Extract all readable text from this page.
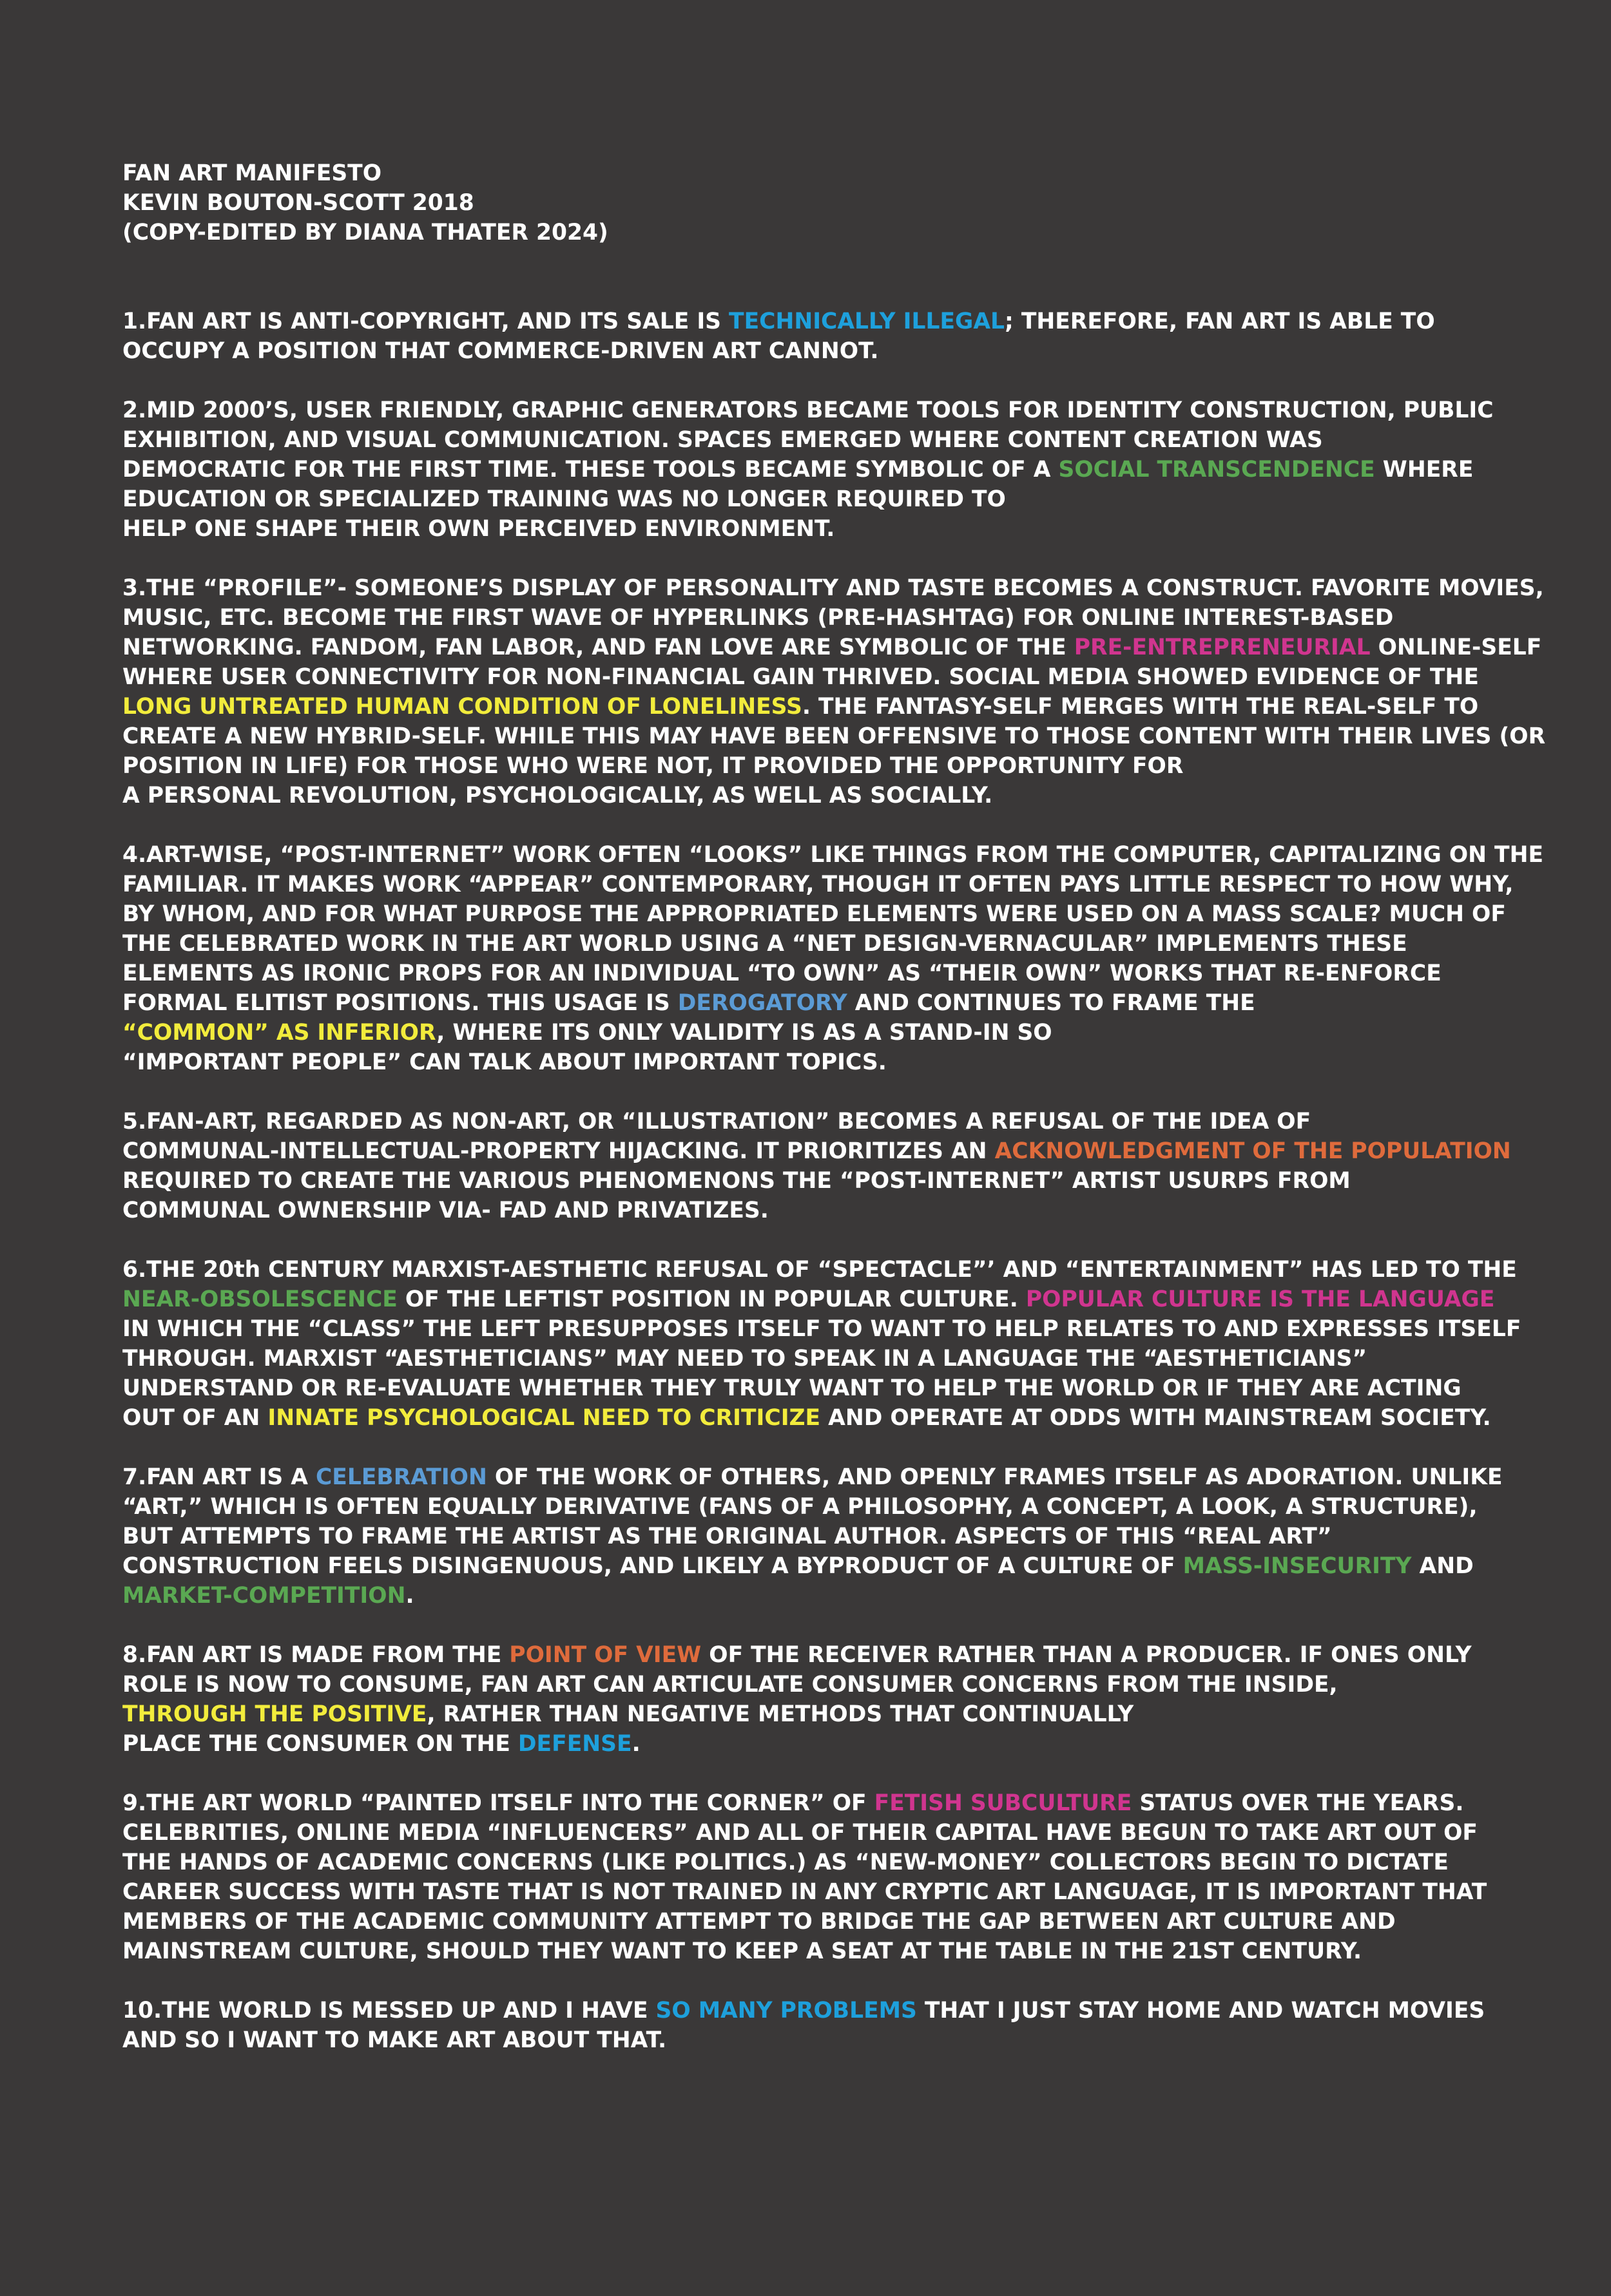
FAN ART MANIFESTO
KEVIN BOUTON-SCOTT 2018
(COPY-EDITED BY DIANA THATER 2024)
1.FAN ART IS ANTI-COPYRIGHT, AND ITS SALE IS TECHNICALLY ILLEGAL; THEREFORE, FAN ART IS ABLE TO
OCCUPY A POSITION THAT COMMERCE-DRIVEN ART CANNOT.
2.MID 2000’S, USER FRIENDLY, GRAPHIC GENERATORS BECAME TOOLS FOR IDENTITY CONSTRUCTION, PUBLIC
EXHIBITION, AND VISUAL COMMUNICATION. SPACES EMERGED WHERE CONTENT CREATION WAS
DEMOCRATIC FOR THE FIRST TIME. THESE TOOLS BECAME SYMBOLIC OF A SOCIAL TRANSCENDENCE WHERE
EDUCATION OR SPECIALIZED TRAINING WAS NO LONGER REQUIRED TO
HELP ONE SHAPE THEIR OWN PERCEIVED ENVIRONMENT.
3.THE “PROFILE”- SOMEONE’S DISPLAY OF PERSONALITY AND TASTE BECOMES A CONSTRUCT. FAVORITE MOVIES,
MUSIC, ETC. BECOME THE FIRST WAVE OF HYPERLINKS (PRE-HASHTAG) FOR ONLINE INTEREST-BASED
NETWORKING. FANDOM, FAN LABOR, AND FAN LOVE ARE SYMBOLIC OF THE PRE-ENTREPRENEURIAL ONLINE-SELF
WHERE USER CONNECTIVITY FOR NON-FINANCIAL GAIN THRIVED. SOCIAL MEDIA SHOWED EVIDENCE OF THE
LONG UNTREATED HUMAN CONDITION OF LONELINESS. THE FANTASY-SELF MERGES WITH THE REAL-SELF TO
CREATE A NEW HYBRID-SELF. WHILE THIS MAY HAVE BEEN OFFENSIVE TO THOSE CONTENT WITH THEIR LIVES (OR
POSITION IN LIFE) FOR THOSE WHO WERE NOT, IT PROVIDED THE OPPORTUNITY FOR
A PERSONAL REVOLUTION, PSYCHOLOGICALLY, AS WELL AS SOCIALLY.
4.ART-WISE, “POST-INTERNET” WORK OFTEN “LOOKS” LIKE THINGS FROM THE COMPUTER, CAPITALIZING ON THE
FAMILIAR. IT MAKES WORK “APPEAR” CONTEMPORARY, THOUGH IT OFTEN PAYS LITTLE RESPECT TO HOW WHY,
BY WHOM, AND FOR WHAT PURPOSE THE APPROPRIATED ELEMENTS WERE USED ON A MASS SCALE? MUCH OF
THE CELEBRATED WORK IN THE ART WORLD USING A “NET DESIGN-VERNACULAR” IMPLEMENTS THESE
ELEMENTS AS IRONIC PROPS FOR AN INDIVIDUAL “TO OWN” AS “THEIR OWN” WORKS THAT RE-ENFORCE
FORMAL ELITIST POSITIONS. THIS USAGE IS DEROGATORY AND CONTINUES TO FRAME THE
“COMMON” AS INFERIOR, WHERE ITS ONLY VALIDITY IS AS A STAND-IN SO
“IMPORTANT PEOPLE” CAN TALK ABOUT IMPORTANT TOPICS.
5.FAN-ART, REGARDED AS NON-ART, OR “ILLUSTRATION” BECOMES A REFUSAL OF THE IDEA OF
COMMUNAL-INTELLECTUAL-PROPERTY HIJACKING. IT PRIORITIZES AN ACKNOWLEDGMENT OF THE POPULATION
REQUIRED TO CREATE THE VARIOUS PHENOMENONS THE “POST-INTERNET” ARTIST USURPS FROM
COMMUNAL OWNERSHIP VIA- FAD AND PRIVATIZES.
6.THE 20th CENTURY MARXIST-AESTHETIC REFUSAL OF “SPECTACLE”’ AND “ENTERTAINMENT” HAS LED TO THE
NEAR-OBSOLESCENCE OF THE LEFTIST POSITION IN POPULAR CULTURE. POPULAR CULTURE IS THE LANGUAGE
IN WHICH THE “CLASS” THE LEFT PRESUPPOSES ITSELF TO WANT TO HELP RELATES TO AND EXPRESSES ITSELF
THROUGH. MARXIST “AESTHETICIANS” MAY NEED TO SPEAK IN A LANGUAGE THE “AESTHETICIANS”
UNDERSTAND OR RE-EVALUATE WHETHER THEY TRULY WANT TO HELP THE WORLD OR IF THEY ARE ACTING
OUT OF AN INNATE PSYCHOLOGICAL NEED TO CRITICIZE AND OPERATE AT ODDS WITH MAINSTREAM SOCIETY.
7.FAN ART IS A CELEBRATION OF THE WORK OF OTHERS, AND OPENLY FRAMES ITSELF AS ADORATION. UNLIKE
“ART,” WHICH IS OFTEN EQUALLY DERIVATIVE (FANS OF A PHILOSOPHY, A CONCEPT, A LOOK, A STRUCTURE),
BUT ATTEMPTS TO FRAME THE ARTIST AS THE ORIGINAL AUTHOR. ASPECTS OF THIS “REAL ART”
CONSTRUCTION FEELS DISINGENUOUS, AND LIKELY A BYPRODUCT OF A CULTURE OF MASS-INSECURITY AND
MARKET-COMPETITION.
8.FAN ART IS MADE FROM THE POINT OF VIEW OF THE RECEIVER RATHER THAN A PRODUCER. IF ONES ONLY
ROLE IS NOW TO CONSUME, FAN ART CAN ARTICULATE CONSUMER CONCERNS FROM THE INSIDE,
THROUGH THE POSITIVE, RATHER THAN NEGATIVE METHODS THAT CONTINUALLY
PLACE THE CONSUMER ON THE DEFENSE.
9.THE ART WORLD “PAINTED ITSELF INTO THE CORNER” OF FETISH SUBCULTURE STATUS OVER THE YEARS.
CELEBRITIES, ONLINE MEDIA “INFLUENCERS” AND ALL OF THEIR CAPITAL HAVE BEGUN TO TAKE ART OUT OF
THE HANDS OF ACADEMIC CONCERNS (LIKE POLITICS.) AS “NEW-MONEY” COLLECTORS BEGIN TO DICTATE
CAREER SUCCESS WITH TASTE THAT IS NOT TRAINED IN ANY CRYPTIC ART LANGUAGE, IT IS IMPORTANT THAT
MEMBERS OF THE ACADEMIC COMMUNITY ATTEMPT TO BRIDGE THE GAP BETWEEN ART CULTURE AND
MAINSTREAM CULTURE, SHOULD THEY WANT TO KEEP A SEAT AT THE TABLE IN THE 21ST CENTURY.
10.THE WORLD IS MESSED UP AND I HAVE SO MANY PROBLEMS THAT I JUST STAY HOME AND WATCH MOVIES
AND SO I WANT TO MAKE ART ABOUT THAT.
